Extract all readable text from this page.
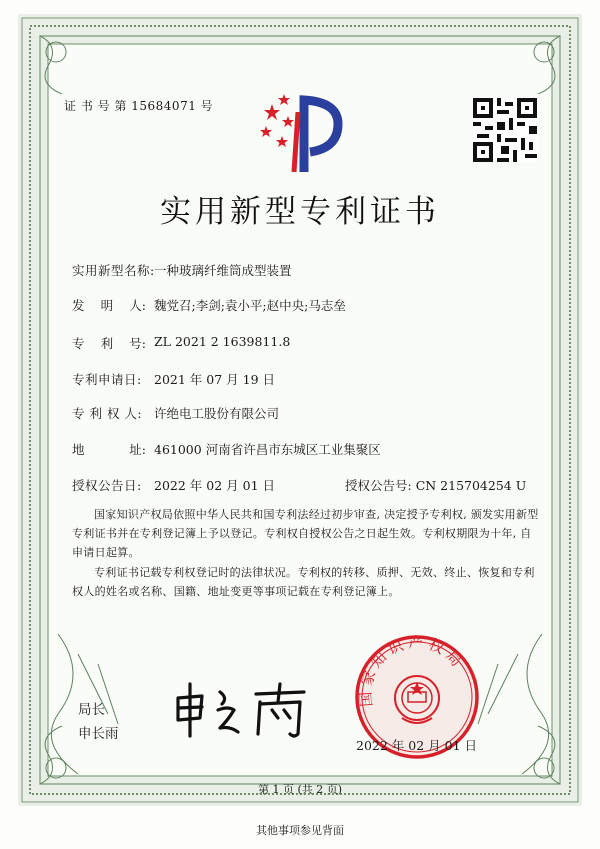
证 书 号 第 15684071 号
实用新型专利证书
实用新型名称:一种玻璃纤维筒成型装置
发 明 人: 魏党召;李剑;袁小平;赵中央;马志垒
专 利 号: ZL 2021 2 1639811.8
专利申请日: 2021 年 07 月 19 日
专 利 权 人: 许绝电工股份有限公司
地	址: 461000 河南省许昌市东城区工业集聚区
授权公告日: 2022 年 02 月 01 日	授权公告号: CN 215704254 U
国家知识产权局依照中华人民共和国专利法经过初步审查, 决定授予专利权, 颁发实用新型专利证书并在专利登记簿上予以登记。专利权自授权公告之日起生效。专利权期限为十年, 自申请日起算。
专利证书记载专利权登记时的法律状况。专利权的转移、质押、无效、终止、恢复和专利权人的姓名或名称、国籍、地址变更等事项记载在专利登记簿上。
局长
申长雨
国家知识产权局
2022 年 02 月 01 日
第 1 页 (共 2 页)
其他事项参见背面
